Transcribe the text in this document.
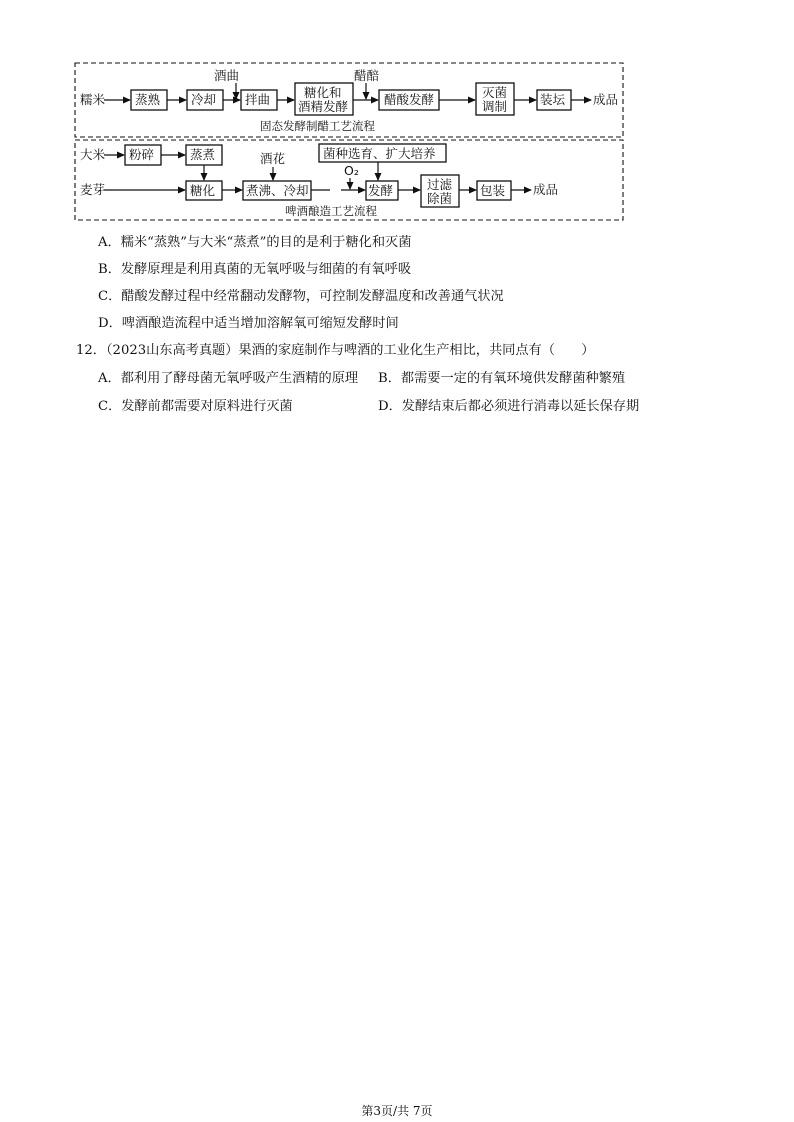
糯米 蒸熟 冷却
酒曲
拌曲	糖化和
酒精发酵
醋醅
醋酸发酵	灭菌
调制	装坛 成品
固态发酵制醋工艺流程
大米 粉碎	蒸煮
麦芽	糖化
酒花
煮沸、冷却
菌种选育、扩大培养
O₂
发酵	过滤
除菌
包装 成品
啤酒酿造工艺流程
A．糯米“蒸熟”与大米“蒸煮”的目的是利于糖化和灭菌
B．发酵原理是利用真菌的无氧呼吸与细菌的有氧呼吸
C．醋酸发酵过程中经常翻动发酵物，可控制发酵温度和改善通气状况
D．啤酒酿造流程中适当增加溶解氧可缩短发酵时间
12．（2023山东高考真题）果酒的家庭制作与啤酒的工业化生产相比，共同点有（　　）
A．都利用了酵母菌无氧呼吸产生酒精的原理 B．都需要一定的有氧环境供发酵菌种繁殖
C．发酵前都需要对原料进行灭菌	D．发酵结束后都必须进行消毒以延长保存期
第3页/共 7页
